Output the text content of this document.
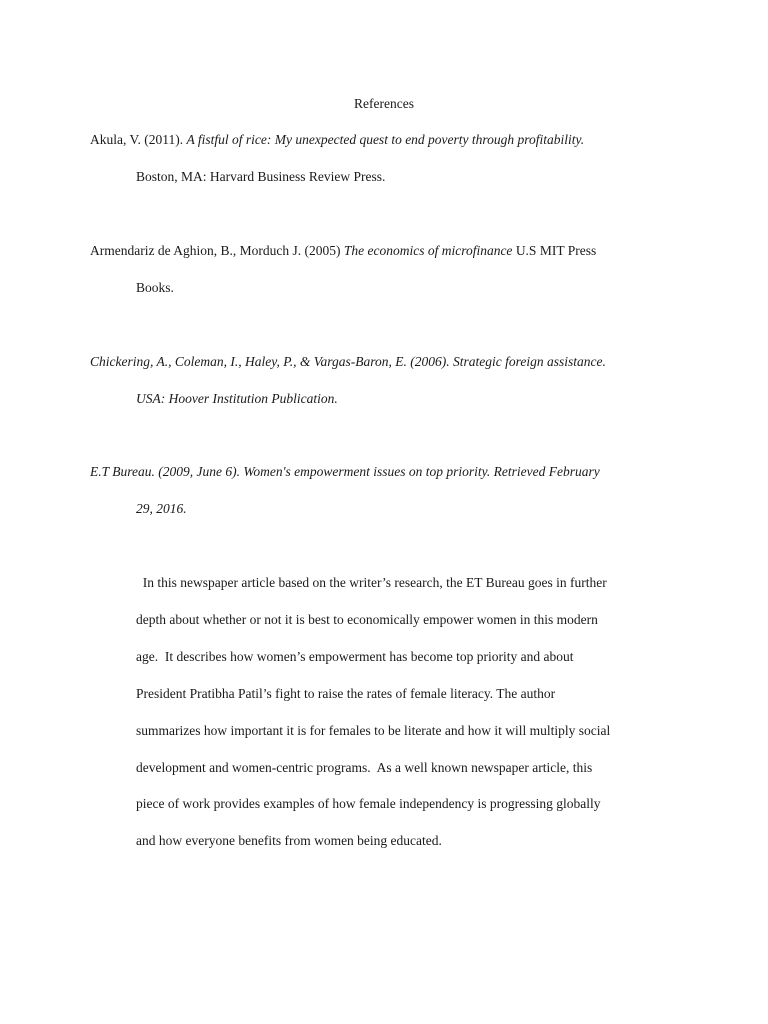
References
Akula, V. (2011). A fistful of rice: My unexpected quest to end poverty through profitability.
Boston, MA: Harvard Business Review Press.
Armendariz de Aghion, B., Morduch J. (2005) The economics of microfinance U.S MIT Press
Books.
Chickering, A., Coleman, I., Haley, P., & Vargas-Baron, E. (2006). Strategic foreign assistance.
USA: Hoover Institution Publication.
E.T Bureau. (2009, June 6). Women's empowerment issues on top priority. Retrieved February
29, 2016.
In this newspaper article based on the writer’s research, the ET Bureau goes in further
depth about whether or not it is best to economically empower women in this modern
age.  It describes how women’s empowerment has become top priority and about
President Pratibha Patil’s fight to raise the rates of female literacy. The author
summarizes how important it is for females to be literate and how it will multiply social
development and women-centric programs.  As a well known newspaper article, this
piece of work provides examples of how female independency is progressing globally
and how everyone benefits from women being educated.
